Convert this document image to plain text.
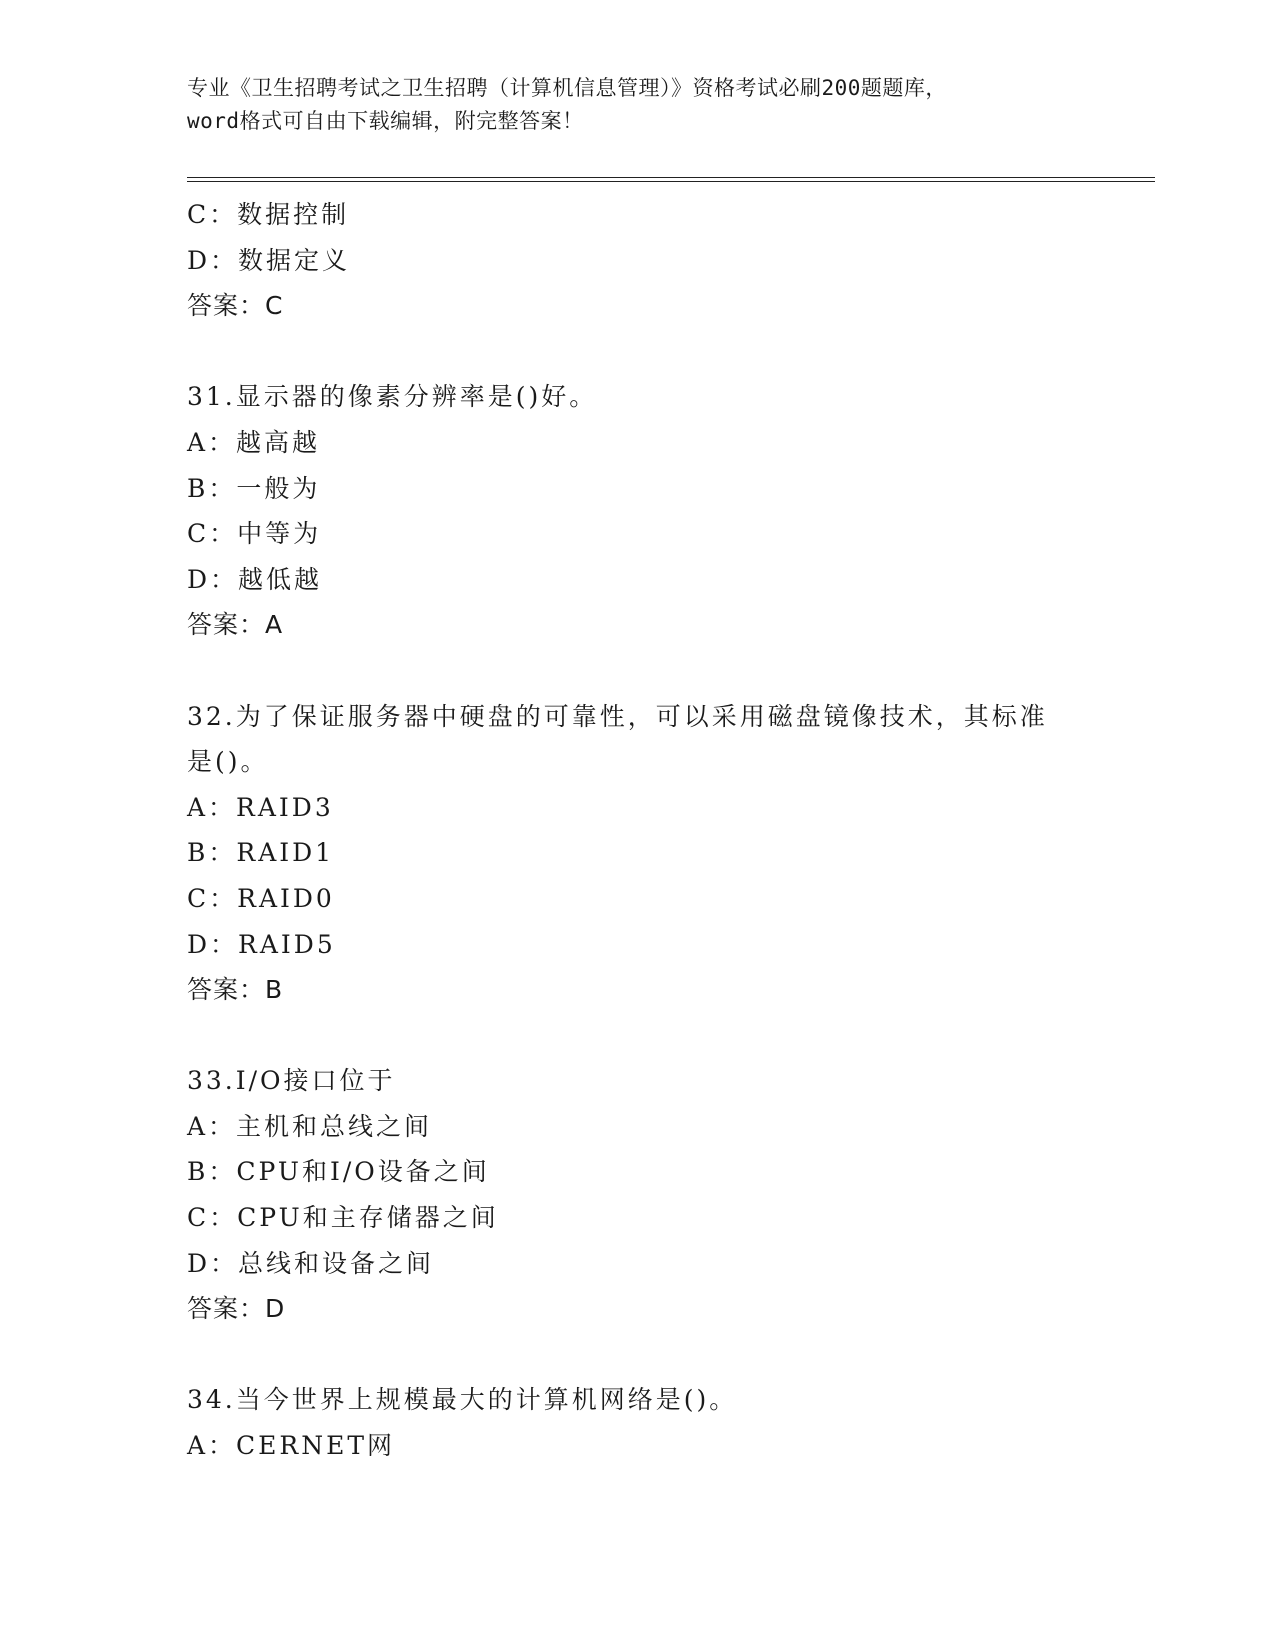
专业《卫生招聘考试之卫生招聘（计算机信息管理）》资格考试必刷200题题库，
word格式可自由下载编辑，附完整答案！
C：数据控制
D：数据定义
答案：C
31.显示器的像素分辨率是()好。
A：越高越
B：一般为
C：中等为
D：越低越
答案：A
32.为了保证服务器中硬盘的可靠性，可以采用磁盘镜像技术，其标准
是()。
A：RAID3
B：RAID1
C：RAID0
D：RAID5
答案：B
33.I/O接口位于
A：主机和总线之间
B：CPU和I/O设备之间
C：CPU和主存储器之间
D：总线和设备之间
答案：D
34.当今世界上规模最大的计算机网络是()。
A：CERNET网
